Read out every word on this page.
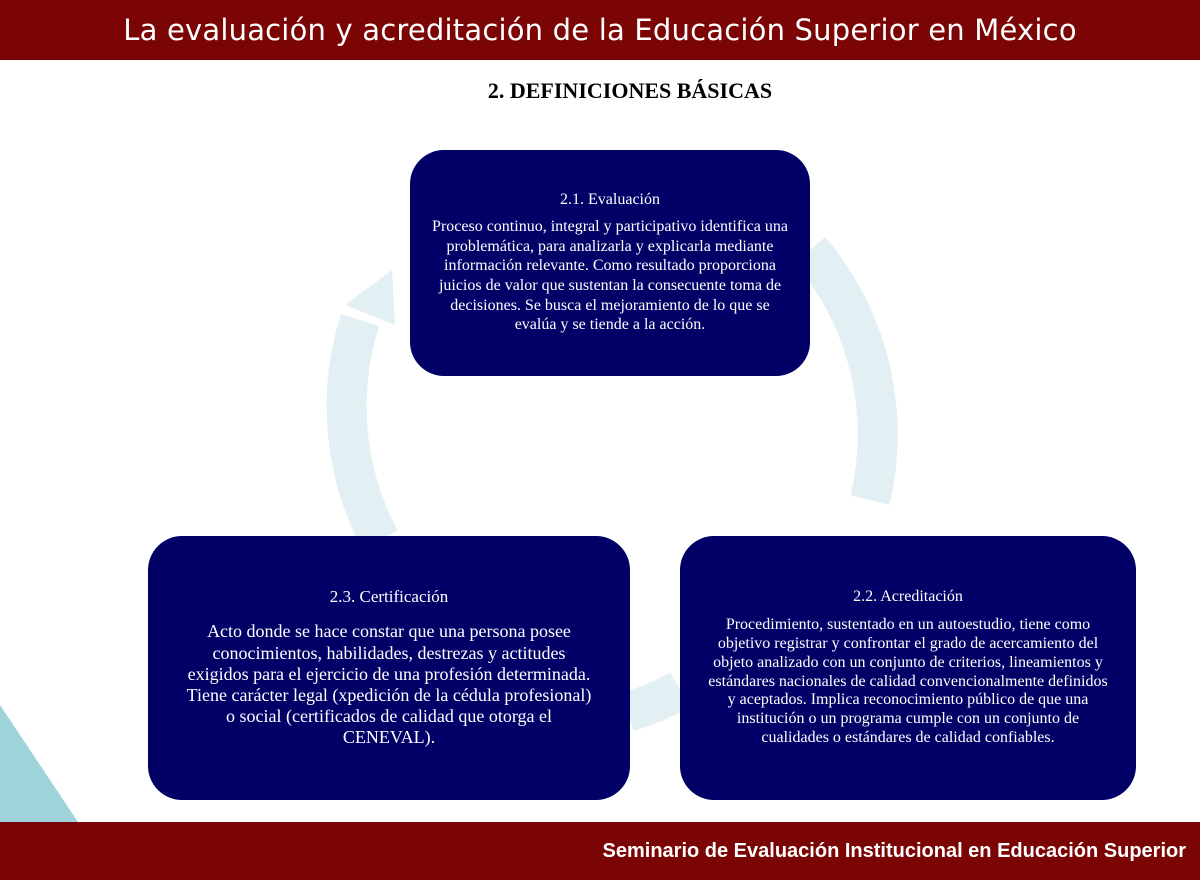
La evaluación y acreditación de la Educación Superior en México
2. DEFINICIONES BÁSICAS
2.1. Evaluación
Proceso continuo, integral y participativo identifica una problemática, para analizarla y explicarla mediante información relevante. Como resultado proporciona juicios de valor que sustentan la consecuente toma de decisiones. Se busca el mejoramiento de lo que se evalúa y se tiende a la acción.
2.2. Acreditación
Procedimiento, sustentado en un autoestudio, tiene como objetivo registrar y confrontar el grado de acercamiento del objeto analizado con un conjunto de criterios, lineamientos y estándares nacionales de calidad convencionalmente definidos y aceptados. Implica reconocimiento público de que una institución o un programa cumple con un conjunto de cualidades o estándares de calidad confiables.
2.3. Certificación
Acto donde se hace constar que una persona posee conocimientos, habilidades, destrezas y actitudes exigidos para el ejercicio de una profesión determinada. Tiene carácter legal (xpedición de la cédula profesional) o social (certificados de calidad que otorga el CENEVAL).
Seminario de Evaluación Institucional en Educación Superior
